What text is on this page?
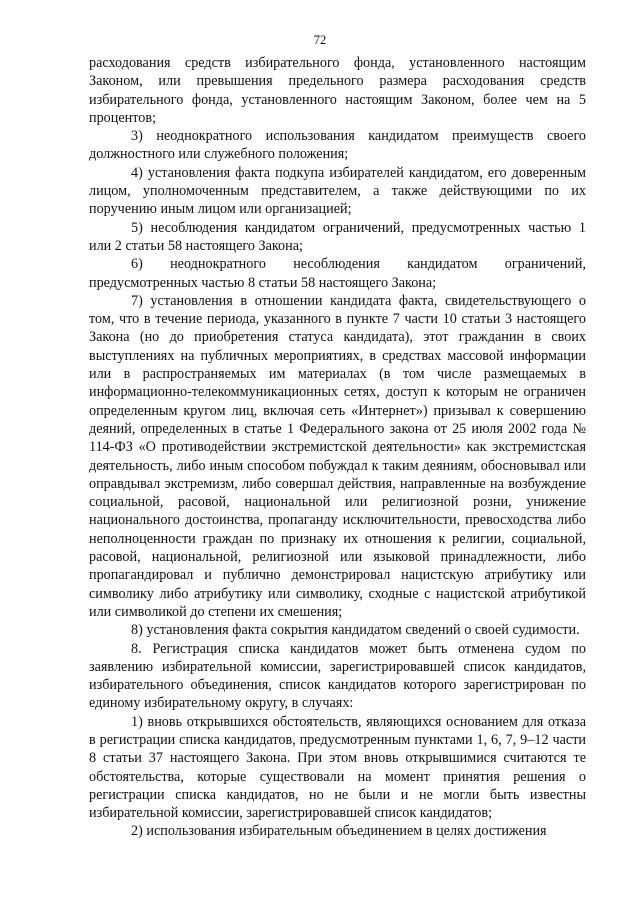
72

расходования средств избирательного фонда, установленного настоящим Законом, или превышения предельного размера расходования средств избирательного фонда, установленного настоящим Законом, более чем на 5 процентов;

3) неоднократного использования кандидатом преимуществ своего должностного или служебного положения;

4) установления факта подкупа избирателей кандидатом, его доверенным лицом, уполномоченным представителем, а также действующими по их поручению иным лицом или организацией;

5) несоблюдения кандидатом ограничений, предусмотренных частью 1 или 2 статьи 58 настоящего Закона;

6) неоднократного несоблюдения кандидатом ограничений, предусмотренных частью 8 статьи 58 настоящего Закона;

7) установления в отношении кандидата факта, свидетельствующего о том, что в течение периода, указанного в пункте 7 части 10 статьи 3 настоящего Закона (но до приобретения статуса кандидата), этот гражданин в своих выступлениях на публичных мероприятиях, в средствах массовой информации или в распространяемых им материалах (в том числе размещаемых в информационно-телекоммуникационных сетях, доступ к которым не ограничен определенным кругом лиц, включая сеть «Интернет») призывал к совершению деяний, определенных в статье 1 Федерального закона от 25 июля 2002 года № 114-ФЗ «О противодействии экстремистской деятельности» как экстремистская деятельность, либо иным способом побуждал к таким деяниям, обосновывал или оправдывал экстремизм, либо совершал действия, направленные на возбуждение социальной, расовой, национальной или религиозной розни, унижение национального достоинства, пропаганду исключительности, превосходства либо неполноценности граждан по признаку их отношения к религии, социальной, расовой, национальной, религиозной или языковой принадлежности, либо пропагандировал и публично демонстрировал нацистскую атрибутику или символику либо атрибутику или символику, сходные с нацистской атрибутикой или символикой до степени их смешения;

8) установления факта сокрытия кандидатом сведений о своей судимости.

8. Регистрация списка кандидатов может быть отменена судом по заявлению избирательной комиссии, зарегистрировавшей список кандидатов, избирательного объединения, список кандидатов которого зарегистрирован по единому избирательному округу, в случаях:

1) вновь открывшихся обстоятельств, являющихся основанием для отказа в регистрации списка кандидатов, предусмотренным пунктами 1, 6, 7, 9–12 части 8 статьи 37 настоящего Закона. При этом вновь открывшимися считаются те обстоятельства, которые существовали на момент принятия решения о регистрации списка кандидатов, но не были и не могли быть известны избирательной комиссии, зарегистрировавшей список кандидатов;

2) использования избирательным объединением в целях достижения
